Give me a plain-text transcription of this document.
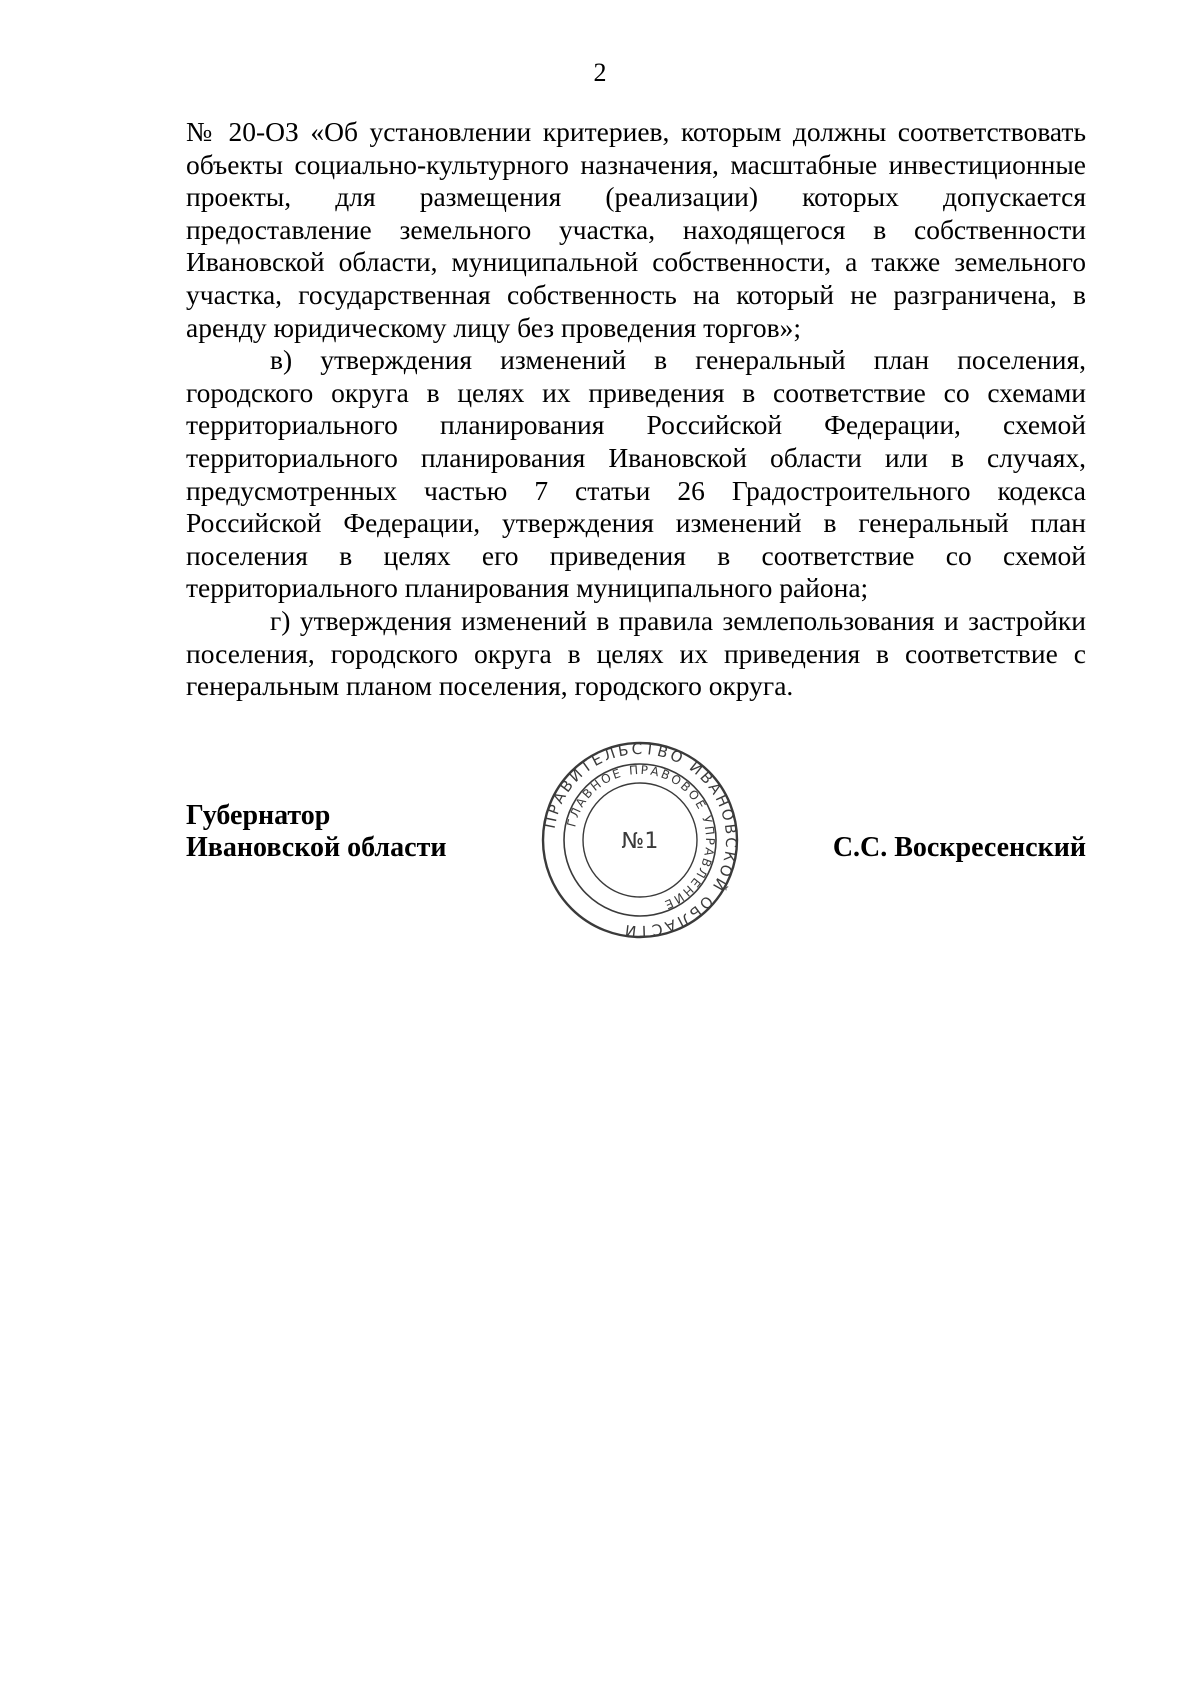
2

№ 20-ОЗ «Об установлении критериев, которым должны соответствовать объекты социально-культурного назначения, масштабные инвестиционные проекты, для размещения (реализации) которых допускается предоставление земельного участка, находящегося в собственности Ивановской области, муниципальной собственности, а также земельного участка, государственная собственность на который не разграничена, в аренду юридическому лицу без проведения торгов»;

в) утверждения изменений в генеральный план поселения, городского округа в целях их приведения в соответствие со схемами территориального планирования Российской Федерации, схемой территориального планирования Ивановской области или в случаях, предусмотренных частью 7 статьи 26 Градостроительного кодекса Российской Федерации, утверждения изменений в генеральный план поселения в целях его приведения в соответствие со схемой территориального планирования муниципального района;

г) утверждения изменений в правила землепользования и застройки поселения, городского округа в целях их приведения в соответствие с генеральным планом поселения, городского округа.

Губернатор
Ивановской области	С.С. Воскресенский
ПРАВИТЕЛЬСТВО ИВАНОВСКОЙ ОБЛАСТИ
ГЛАВНОЕ ПРАВОВОЕ УПРАВЛЕНИЕ
№1
